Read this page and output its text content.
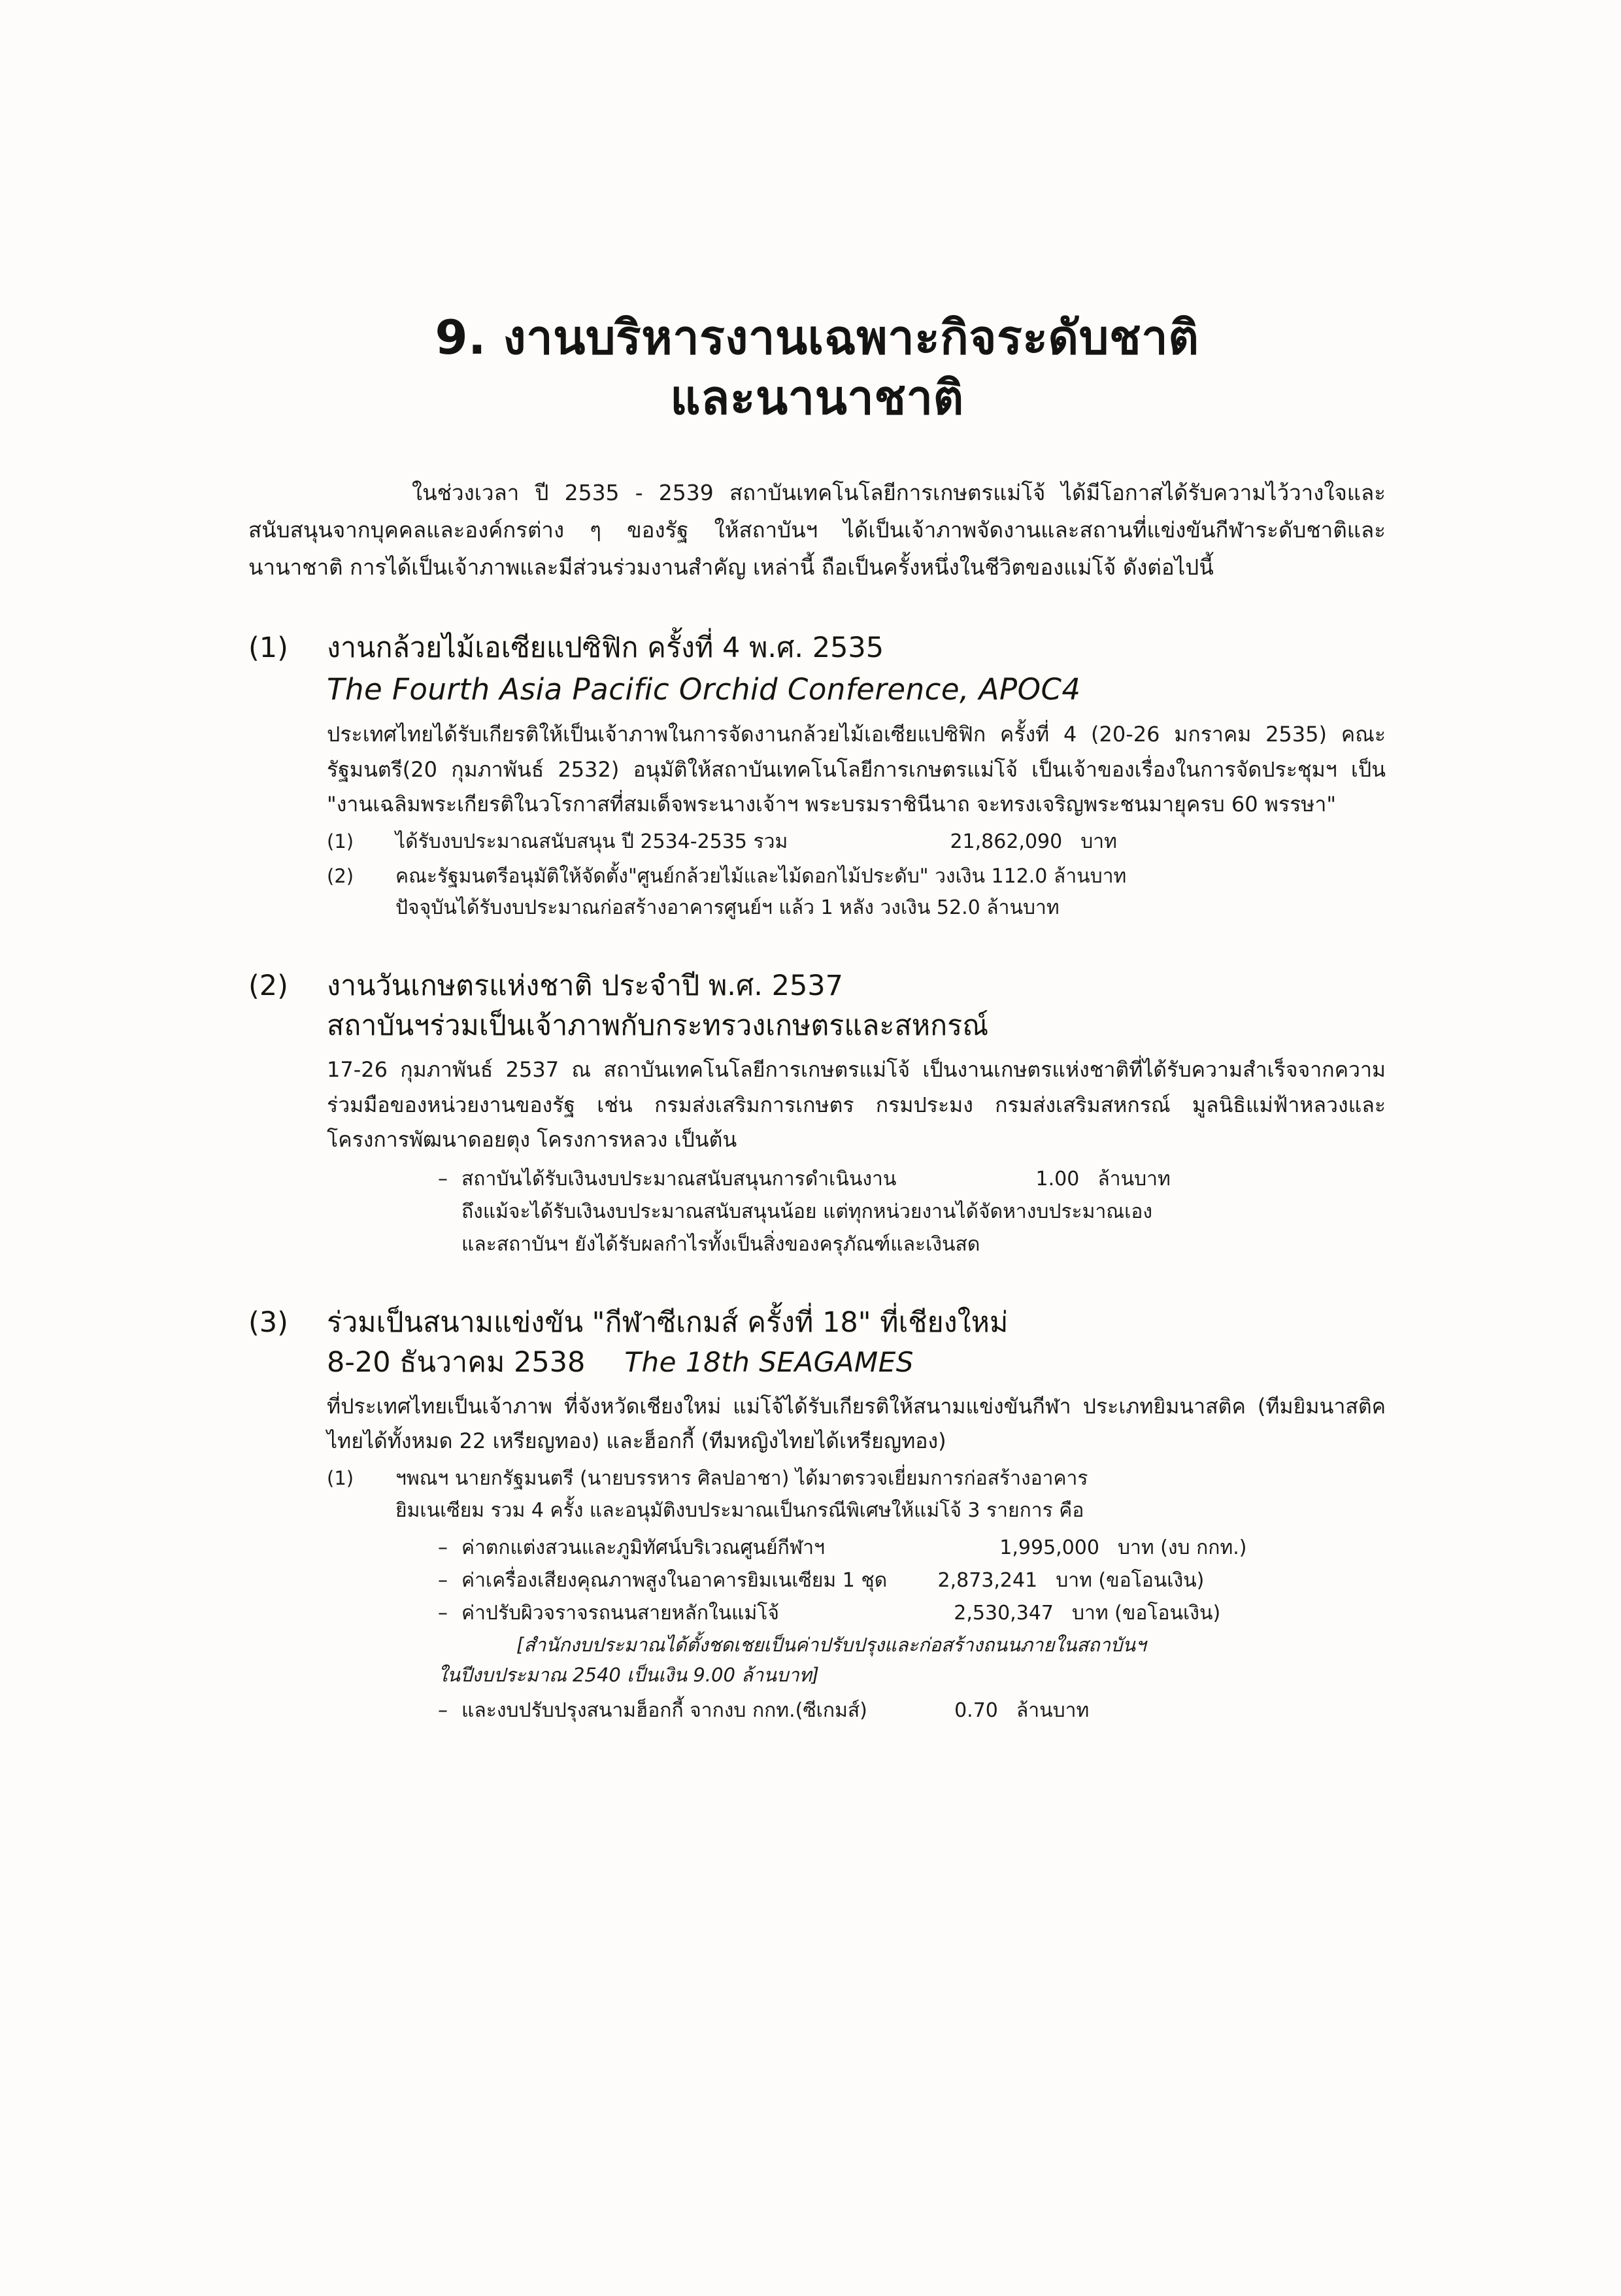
9. งานบริหารงานเฉพาะกิจระดับชาติ
และนานาชาติ

ในช่วงเวลา ปี 2535 - 2539 สถาบันเทคโนโลยีการเกษตรแม่โจ้ ได้มีโอกาสได้รับความไว้วางใจและสนับสนุนจากบุคคลและองค์กรต่าง ๆ ของรัฐ ให้สถาบันฯ ได้เป็นเจ้าภาพจัดงานและสถานที่แข่งขันกีฬาระดับชาติและนานาชาติ การได้เป็นเจ้าภาพและมีส่วนร่วมงานสำคัญ เหล่านี้ ถือเป็นครั้งหนึ่งในชีวิตของแม่โจ้ ดังต่อไปนี้

(1)	งานกล้วยไม้เอเซียแปซิฟิก ครั้งที่ 4 พ.ศ. 2535
The Fourth Asia Pacific Orchid Conference, APOC4
ประเทศไทยได้รับเกียรติให้เป็นเจ้าภาพในการจัดงานกล้วยไม้เอเซียแปซิฟิก ครั้งที่ 4 (20-26 มกราคม 2535) คณะรัฐมนตรี(20 กุมภาพันธ์ 2532) อนุมัติให้สถาบันเทคโนโลยีการเกษตรแม่โจ้ เป็นเจ้าของเรื่องในการจัดประชุมฯ เป็น "งานเฉลิมพระเกียรติในวโรกาสที่สมเด็จพระนางเจ้าฯ พระบรมราชินีนาถ จะทรงเจริญพระชนมายุครบ 60 พรรษา"
(1)	ได้รับงบประมาณสนับสนุน ปี 2534-2535 รวม	21,862,090 บาท
(2)	คณะรัฐมนตรีอนุมัติให้จัดตั้ง"ศูนย์กล้วยไม้และไม้ดอกไม้ประดับ" วงเงิน 112.0 ล้านบาท
ปัจจุบันได้รับงบประมาณก่อสร้างอาคารศูนย์ฯ แล้ว 1 หลัง วงเงิน 52.0 ล้านบาท
(2)	งานวันเกษตรแห่งชาติ ประจำปี พ.ศ. 2537
สถาบันฯร่วมเป็นเจ้าภาพกับกระทรวงเกษตรและสหกรณ์
17-26 กุมภาพันธ์ 2537 ณ สถาบันเทคโนโลยีการเกษตรแม่โจ้ เป็นงานเกษตรแห่งชาติที่ได้รับความสำเร็จจากความร่วมมือของหน่วยงานของรัฐ เช่น กรมส่งเสริมการเกษตร กรมประมง กรมส่งเสริมสหกรณ์ มูลนิธิแม่ฟ้าหลวงและโครงการพัฒนาดอยตุง โครงการหลวง เป็นต้น
– สถาบันได้รับเงินงบประมาณสนับสนุนการดำเนินงาน	1.00 ล้านบาท
ถึงแม้จะได้รับเงินงบประมาณสนับสนุนน้อย แต่ทุกหน่วยงานได้จัดหางบประมาณเอง
และสถาบันฯ ยังได้รับผลกำไรทั้งเป็นสิ่งของครุภัณฑ์และเงินสด
(3)	ร่วมเป็นสนามแข่งขัน "กีฬาซีเกมส์ ครั้งที่ 18" ที่เชียงใหม่
8-20 ธันวาคม 2538 The 18th SEAGAMES
ที่ประเทศไทยเป็นเจ้าภาพ ที่จังหวัดเชียงใหม่ แม่โจ้ได้รับเกียรติให้สนามแข่งขันกีฬา ประเภทยิมนาสติค (ทีมยิมนาสติคไทยได้ทั้งหมด 22 เหรียญทอง) และฮ็อกกี้ (ทีมหญิงไทยได้เหรียญทอง)
(1)	ฯพณฯ นายกรัฐมนตรี (นายบรรหาร ศิลปอาชา) ได้มาตรวจเยี่ยมการก่อสร้างอาคาร
ยิมเนเซียม รวม 4 ครั้ง และอนุมัติงบประมาณเป็นกรณีพิเศษให้แม่โจ้ 3 รายการ คือ
– ค่าตกแต่งสวนและภูมิทัศน์บริเวณศูนย์กีฬาฯ	1,995,000 บาท (งบ กกท.)
– ค่าเครื่องเสียงคุณภาพสูงในอาคารยิมเนเซียม 1 ชุด	2,873,241 บาท (ขอโอนเงิน)
– ค่าปรับผิวจราจรถนนสายหลักในแม่โจ้	2,530,347 บาท (ขอโอนเงิน)
[สำนักงบประมาณได้ตั้งชดเชยเป็นค่าปรับปรุงและก่อสร้างถนนภายในสถาบันฯ
ในปีงบประมาณ 2540 เป็นเงิน 9.00 ล้านบาท]
– และงบปรับปรุงสนามฮ็อกกี้ จากงบ กกท.(ซีเกมส์)	0.70 ล้านบาท
